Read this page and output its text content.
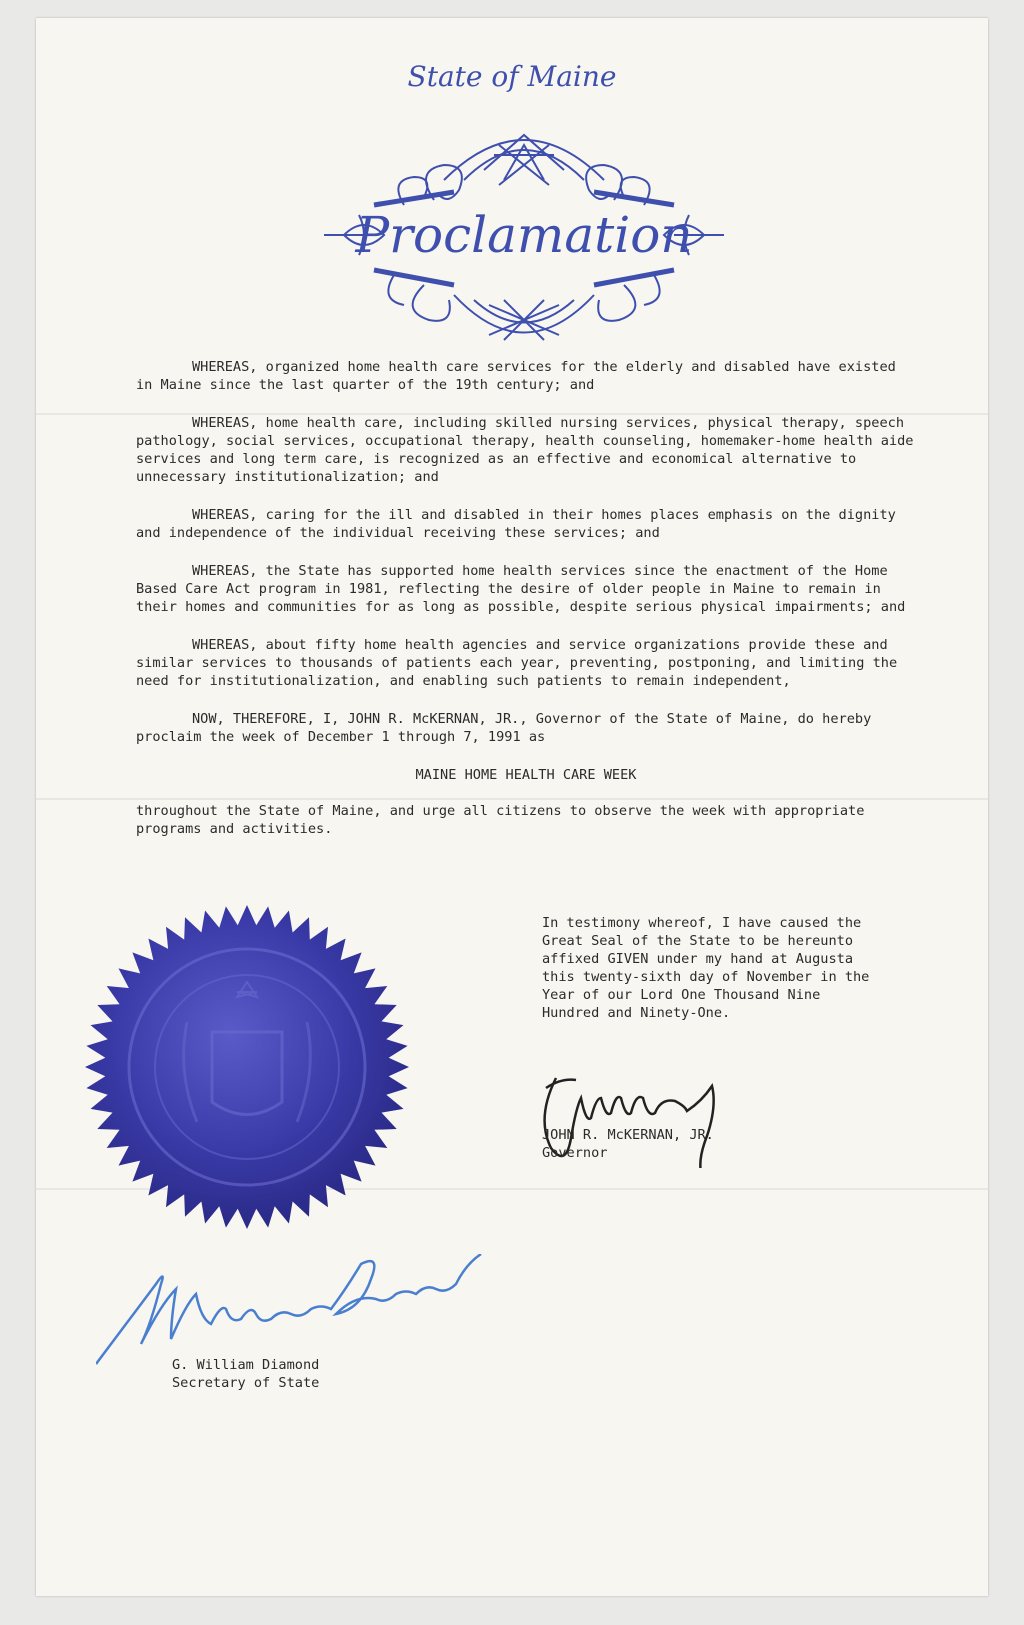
State of Maine
Proclamation

WHEREAS, organized home health care services for the elderly and disabled have existed in Maine since the last quarter of the 19th century; and

WHEREAS, home health care, including skilled nursing services, physical therapy, speech pathology, social services, occupational therapy, health counseling, homemaker-home health aide services and long term care, is recognized as an effective and economical alternative to unnecessary institutionalization; and

WHEREAS, caring for the ill and disabled in their homes places emphasis on the dignity and independence of the individual receiving these services; and

WHEREAS, the State has supported home health services since the enactment of the Home Based Care Act program in 1981, reflecting the desire of older people in Maine to remain in their homes and communities for as long as possible, despite serious physical impairments; and

WHEREAS, about fifty home health agencies and service organizations provide these and similar services to thousands of patients each year, preventing, postponing, and limiting the need for institutionalization, and enabling such patients to remain independent,

NOW, THEREFORE, I, JOHN R. McKERNAN, JR., Governor of the State of Maine, do hereby proclaim the week of December 1 through 7, 1991 as

MAINE HOME HEALTH CARE WEEK

throughout the State of Maine, and urge all citizens to observe the week with appropriate programs and activities.

In testimony whereof, I have caused the Great Seal of the State to be hereunto affixed GIVEN under my hand at Augusta this twenty-sixth day of November in the Year of our Lord One Thousand Nine Hundred and Ninety-One.
JOHN R. McKERNAN, JR.
Governor
G. William Diamond
Secretary of State
